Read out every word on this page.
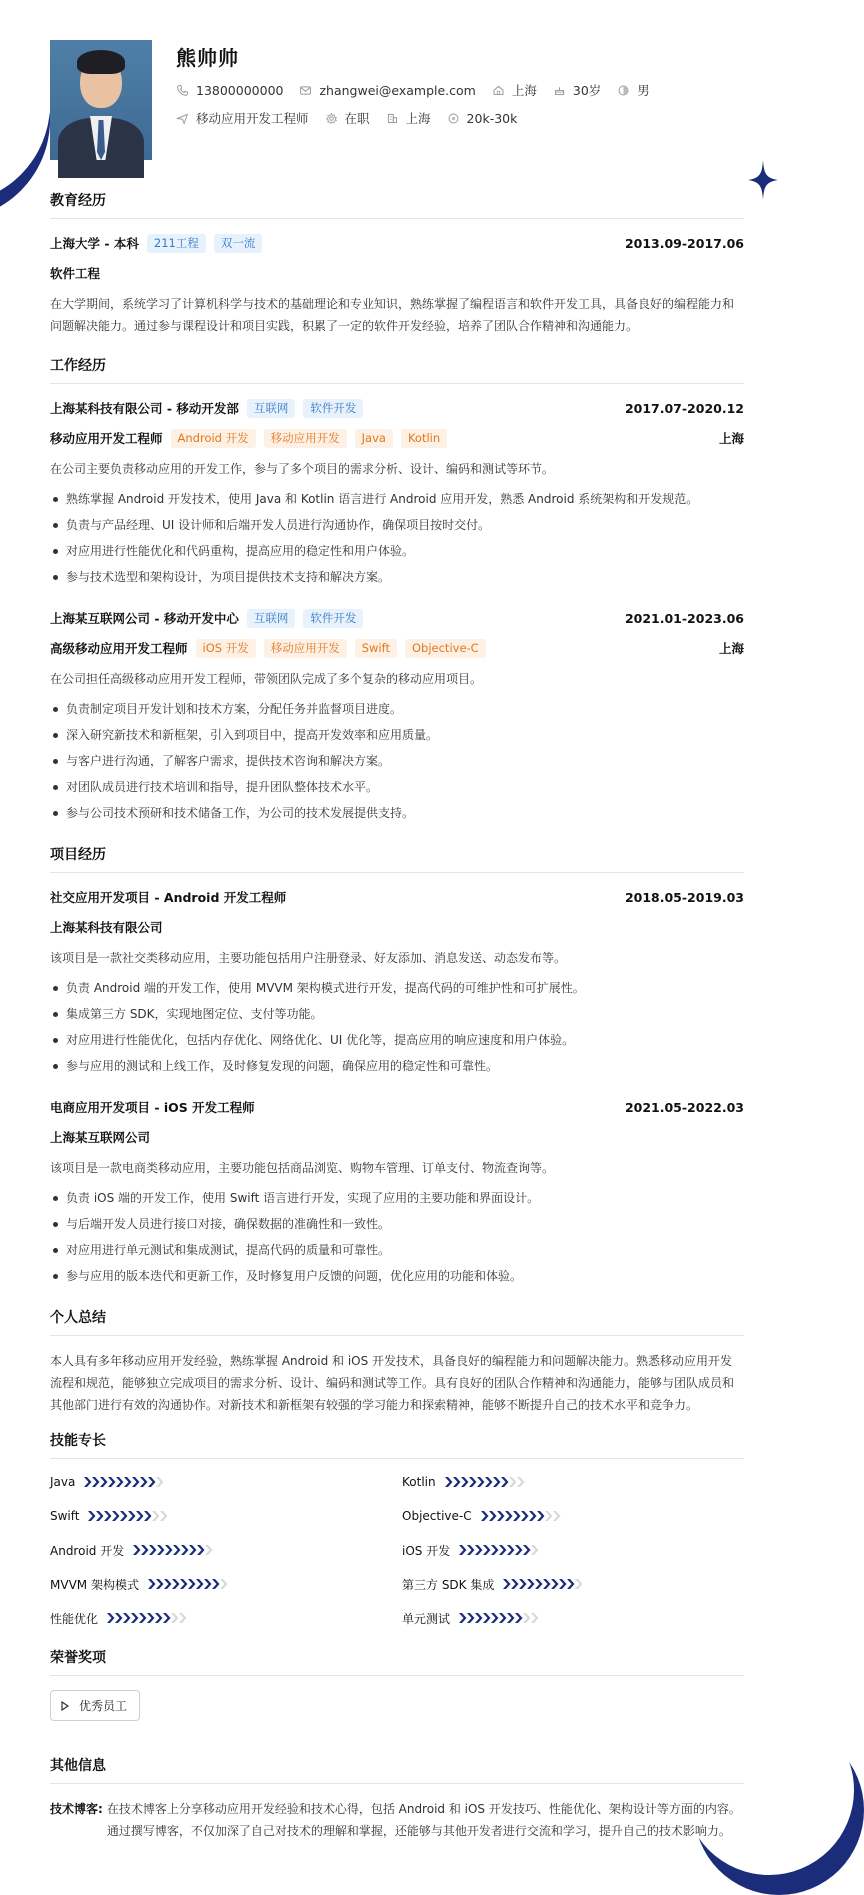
熊帅帅
13800000000	zhangwei@example.com	上海	30岁	男
移动应用开发工程师	在职	上海	20k-30k
教育经历
上海大学 - 本科	211工程	双一流	2013.09-2017.06
软件工程
在大学期间，系统学习了计算机科学与技术的基础理论和专业知识，熟练掌握了编程语言和软件开发工具，具备良好的编程能力和问题解决能力。通过参与课程设计和项目实践，积累了一定的软件开发经验，培养了团队合作精神和沟通能力。
工作经历
上海某科技有限公司 - 移动开发部	互联网	软件开发	2017.07-2020.12
移动应用开发工程师	Android 开发	移动应用开发	Java	Kotlin	上海
在公司主要负责移动应用的开发工作，参与了多个项目的需求分析、设计、编码和测试等环节。
熟练掌握 Android 开发技术，使用 Java 和 Kotlin 语言进行 Android 应用开发，熟悉 Android 系统架构和开发规范。
负责与产品经理、UI 设计师和后端开发人员进行沟通协作，确保项目按时交付。
对应用进行性能优化和代码重构，提高应用的稳定性和用户体验。
参与技术选型和架构设计，为项目提供技术支持和解决方案。
上海某互联网公司 - 移动开发中心	互联网	软件开发	2021.01-2023.06
高级移动应用开发工程师	iOS 开发	移动应用开发	Swift	Objective-C	上海
在公司担任高级移动应用开发工程师，带领团队完成了多个复杂的移动应用项目。
负责制定项目开发计划和技术方案，分配任务并监督项目进度。
深入研究新技术和新框架，引入到项目中，提高开发效率和应用质量。
与客户进行沟通，了解客户需求，提供技术咨询和解决方案。
对团队成员进行技术培训和指导，提升团队整体技术水平。
参与公司技术预研和技术储备工作，为公司的技术发展提供支持。
项目经历
社交应用开发项目 - Android 开发工程师	2018.05-2019.03
上海某科技有限公司
该项目是一款社交类移动应用，主要功能包括用户注册登录、好友添加、消息发送、动态发布等。
负责 Android 端的开发工作，使用 MVVM 架构模式进行开发，提高代码的可维护性和可扩展性。
集成第三方 SDK，实现地图定位、支付等功能。
对应用进行性能优化，包括内存优化、网络优化、UI 优化等，提高应用的响应速度和用户体验。
参与应用的测试和上线工作，及时修复发现的问题，确保应用的稳定性和可靠性。
电商应用开发项目 - iOS 开发工程师	2021.05-2022.03
上海某互联网公司
该项目是一款电商类移动应用，主要功能包括商品浏览、购物车管理、订单支付、物流查询等。
负责 iOS 端的开发工作，使用 Swift 语言进行开发，实现了应用的主要功能和界面设计。
与后端开发人员进行接口对接，确保数据的准确性和一致性。
对应用进行单元测试和集成测试，提高代码的质量和可靠性。
参与应用的版本迭代和更新工作，及时修复用户反馈的问题，优化应用的功能和体验。
个人总结
本人具有多年移动应用开发经验，熟练掌握 Android 和 iOS 开发技术，具备良好的编程能力和问题解决能力。熟悉移动应用开发流程和规范，能够独立完成项目的需求分析、设计、编码和测试等工作。具有良好的团队合作精神和沟通能力，能够与团队成员和其他部门进行有效的沟通协作。对新技术和新框架有较强的学习能力和探索精神，能够不断提升自己的技术水平和竞争力。
技能专长
Java	Kotlin
Swift	Objective-C
Android 开发	iOS 开发
MVVM 架构模式	第三方 SDK 集成
性能优化	单元测试
荣誉奖项
优秀员工
其他信息
技术博客: 在技术博客上分享移动应用开发经验和技术心得，包括 Android 和 iOS 开发技巧、性能优化、架构设计等方面的内容。通过撰写博客，不仅加深了自己对技术的理解和掌握，还能够与其他开发者进行交流和学习，提升自己的技术影响力。
